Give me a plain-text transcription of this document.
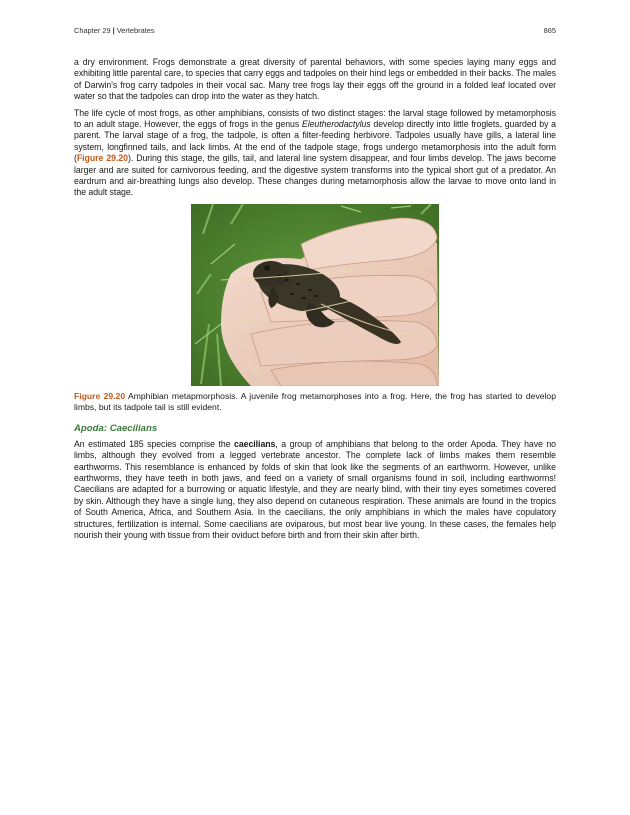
Chapter 29 | Vertebrates	865

a dry environment. Frogs demonstrate a great diversity of parental behaviors, with some species laying many eggs and exhibiting little parental care, to species that carry eggs and tadpoles on their hind legs or embedded in their backs. The males of Darwin's frog carry tadpoles in their vocal sac. Many tree frogs lay their eggs off the ground in a folded leaf located over water so that the tadpoles can drop into the water as they hatch.

The life cycle of most frogs, as other amphibians, consists of two distinct stages: the larval stage followed by metamorphosis to an adult stage. However, the eggs of frogs in the genus Eleutherodactylus develop directly into little froglets, guarded by a parent. The larval stage of a frog, the tadpole, is often a filter-feeding herbivore. Tadpoles usually have gills, a lateral line system, longfinned tails, and lack limbs. At the end of the tadpole stage, frogs undergo metamorphosis into the adult form (Figure 29.20). During this stage, the gills, tail, and lateral line system disappear, and four limbs develop. The jaws become larger and are suited for carnivorous feeding, and the digestive system transforms into the typical short gut of a predator. An eardrum and air-breathing lungs also develop. These changes during metamorphosis allow the larvae to move onto land in the adult stage.

Figure 29.20 Amphibian metapmorphosis. A juvenile frog metamorphoses into a frog. Here, the frog has started to develop limbs, but its tadpole tail is still evident.

Apoda: Caecilians

An estimated 185 species comprise the caecilians, a group of amphibians that belong to the order Apoda. They have no limbs, although they evolved from a legged vertebrate ancestor. The complete lack of limbs makes them resemble earthworms. This resemblance is enhanced by folds of skin that look like the segments of an earthworm. However, unlike earthworms, they have teeth in both jaws, and feed on a variety of small organisms found in soil, including earthworms! Caecilians are adapted for a burrowing or aquatic lifestyle, and they are nearly blind, with their tiny eyes sometimes covered by skin. Although they have a single lung, they also depend on cutaneous respiration. These animals are found in the tropics of South America, Africa, and Southern Asia. In the caecilians, the only amphibians in which the males have copulatory structures, fertilization is internal. Some caecilians are oviparous, but most bear live young. In these cases, the females help nourish their young with tissue from their oviduct before birth and from their skin after birth.
